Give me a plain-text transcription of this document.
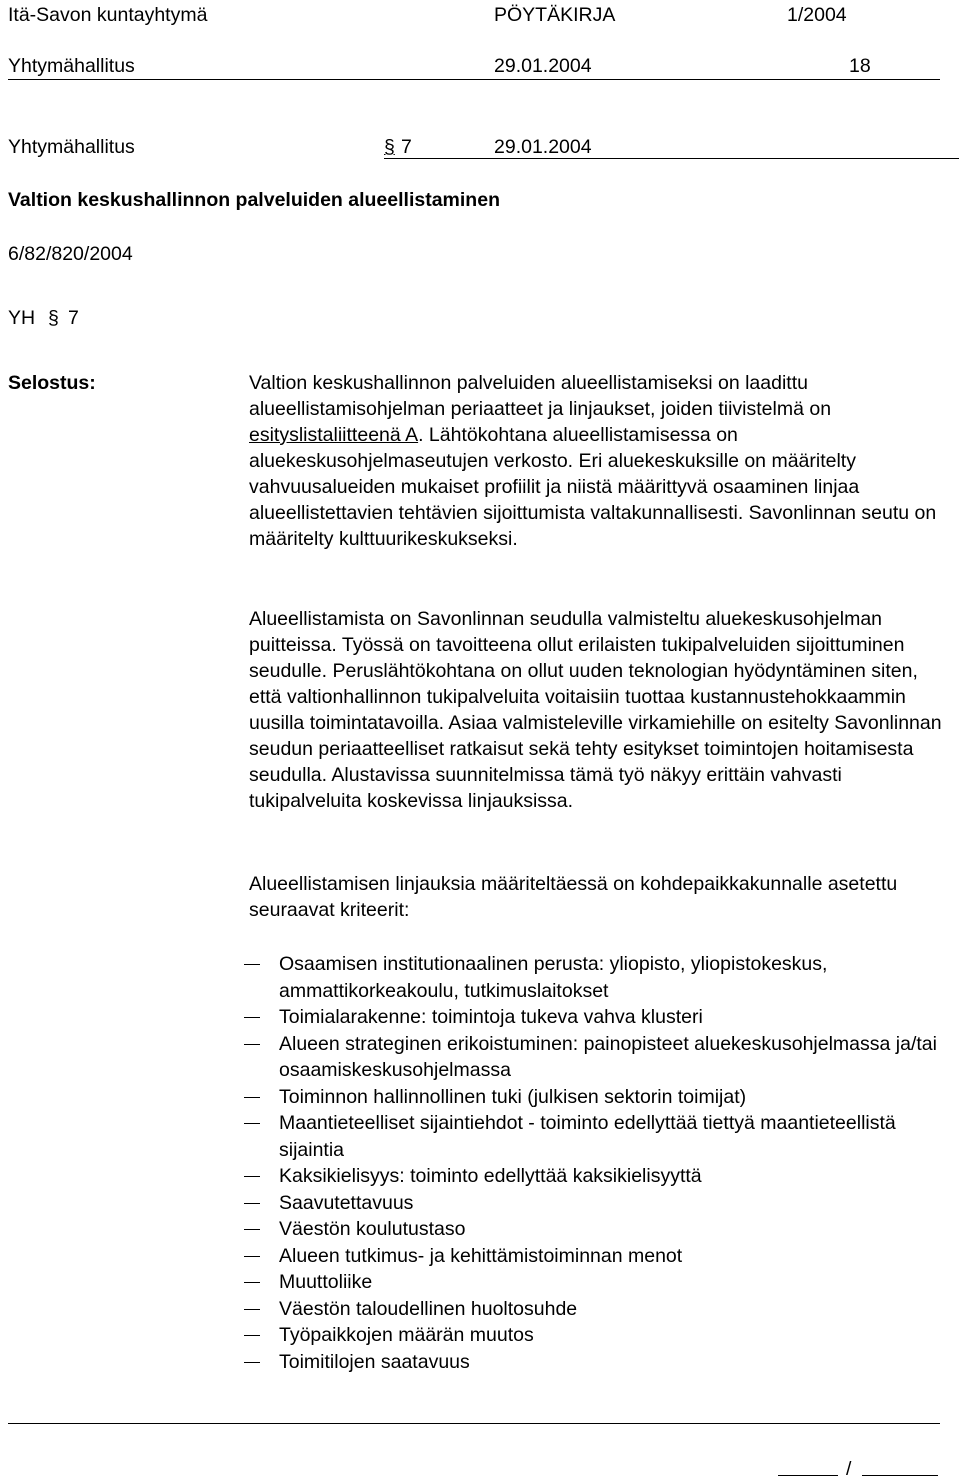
Itä-Savon kuntayhtymä	PÖYTÄKIRJA	1/2004
Yhtymähallitus	29.01.2004	18
Yhtymähallitus	§ 7	29.01.2004
Valtion keskushallinnon palveluiden alueellistaminen
6/82/820/2004
YH § 7
Selostus:	Valtion keskushallinnon palveluiden alueellistamiseksi on laadittu alueellistamisohjelman periaatteet ja linjaukset, joiden tiivistelmä on esityslistaliitteenä A. Lähtökohtana alueellistamisessa on aluekeskusohjelmaseutujen verkosto. Eri aluekeskuksille on määritelty vahvuusalueiden mukaiset profiilit ja niistä määrittyvä osaaminen linjaa alueellistettavien tehtävien sijoittumista valtakunnallisesti. Savonlinnan seutu on määritelty kulttuurikeskukseksi.

Alueellistamista on Savonlinnan seudulla valmisteltu aluekeskusohjelman puitteissa. Työssä on tavoitteena ollut erilaisten tukipalveluiden sijoittuminen seudulle. Peruslähtökohtana on ollut uuden teknologian hyödyntäminen siten, että valtionhallinnon tukipalveluita voitaisiin tuottaa kustannustehokkaammin uusilla toimintatavoilla. Asiaa valmisteleville virkamiehille on esitelty Savonlinnan seudun periaatteelliset ratkaisut sekä tehty esitykset toimintojen hoitamisesta seudulla. Alustavissa suunnitelmissa tämä työ näkyy erittäin vahvasti tukipalveluita koskevissa linjauksissa.

Alueellistamisen linjauksia määriteltäessä on kohdepaikkakunnalle asetettu seuraavat kriteerit:

Osaamisen institutionaalinen perusta: yliopisto, yliopistokeskus, ammattikorkeakoulu, tutkimuslaitokset
Toimialarakenne: toimintoja tukeva vahva klusteri
Alueen strateginen erikoistuminen: painopisteet aluekeskusohjelmassa ja/tai osaamiskeskusohjelmassa
Toiminnon hallinnollinen tuki (julkisen sektorin toimijat)
Maantieteelliset sijaintiehdot - toiminto edellyttää tiettyä maantieteellistä sijaintia
Kaksikielisyys: toiminto edellyttää kaksikielisyyttä
Saavutettavuus
Väestön koulutustaso
Alueen tutkimus- ja kehittämistoiminnan menot
Muuttoliike
Väestön taloudellinen huoltosuhde
Työpaikkojen määrän muutos
Toimitilojen saatavuus
/
